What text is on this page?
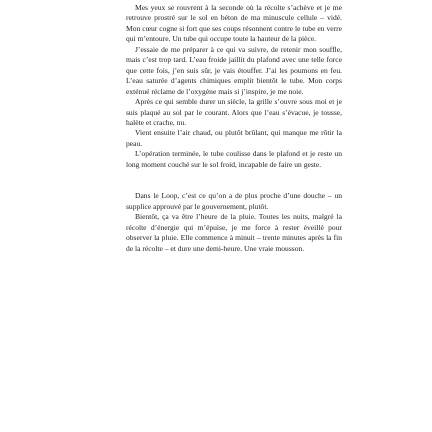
Mes yeux se rouvrent à la seconde où la récolte s’achève et je me retrouve prostré sur le sol en béton de ma minuscule cellule – vidé. Mon cœur cogne si fort que ses coups résonnent contre le tube en verre qui m’entoure. Un tube qui occupe toute la hauteur de la pièce.

J’essaie de me préparer à ce qui va suivre, de retenir mon souffle, mais c’est trop tard. L’eau froide jaillit du plafond avec une telle force que cette fois, j’en suis sûr, je vais étouffer. J’ai les poumons en feu. L’eau saturée d’agents chimiques emplit bientôt le tube. Mon corps exténué réclame de l’oxygène mais si j’inspire, je me noie.

Après ce qui semble durer un siècle, la grille s’ouvre sous moi et je suis plaqué au sol par le courant. Alors que l’eau s’évacue, je tousse, halète et crache, nu.

Vient ensuite l’air chaud, ou plutôt brûlant, qui manque me rôtir la peau.

L’opération terminée, le tube coulisse dans le plafond et je reste un long moment couché sur le sol froid, incapable de faire un geste.

Dans le Loop, c’est ce qu’on a de plus proche d’une douche – un supplice approuvé par le gouvernement, plutôt.

Bientôt, ça va être l’heure de la pluie. Toutes les nuits, malgré la récolte d’énergie qui m’épuise, je me force à rester éveillé pour observer la pluie. Elle commence à minuit – trente minutes après la fin de la récolte – et dure une demi-heure. Une vraie mousson.
